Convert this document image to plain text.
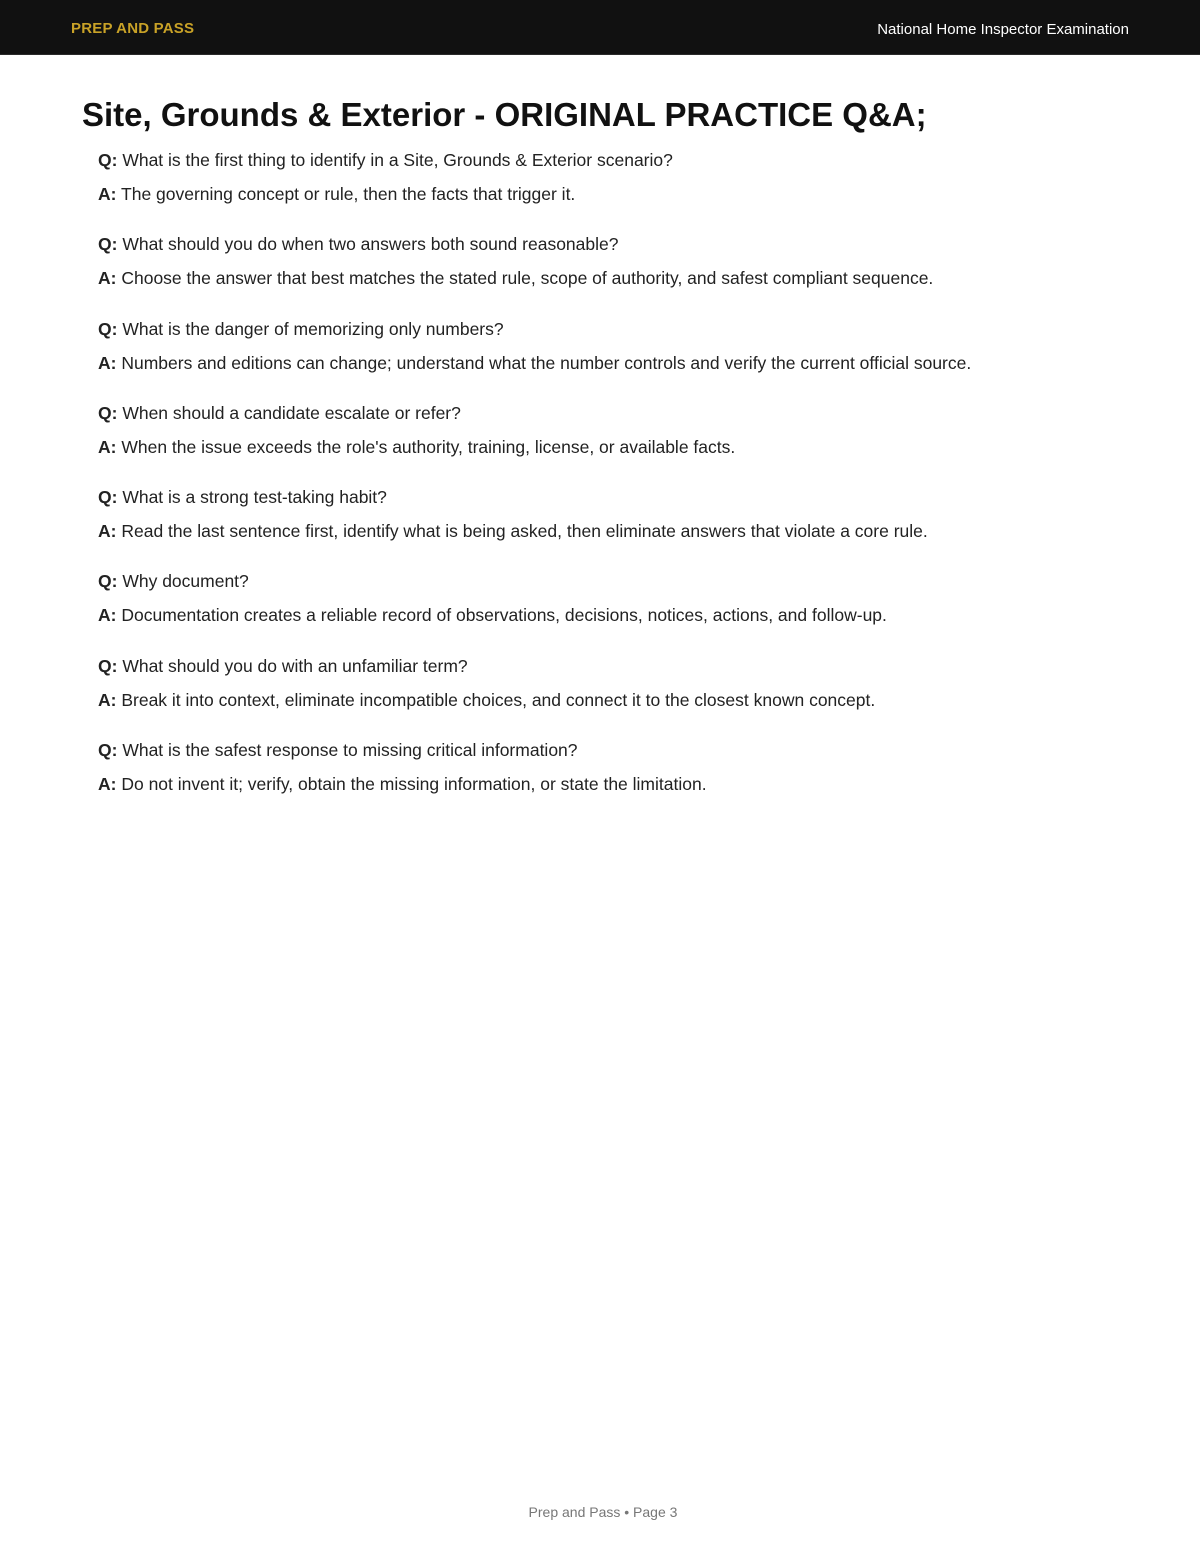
PREP AND PASS	National Home Inspector Examination
Site, Grounds & Exterior - ORIGINAL PRACTICE Q&A;
Q: What is the first thing to identify in a Site, Grounds & Exterior scenario?
A: The governing concept or rule, then the facts that trigger it.
Q: What should you do when two answers both sound reasonable?
A: Choose the answer that best matches the stated rule, scope of authority, and safest compliant sequence.
Q: What is the danger of memorizing only numbers?
A: Numbers and editions can change; understand what the number controls and verify the current official source.
Q: When should a candidate escalate or refer?
A: When the issue exceeds the role's authority, training, license, or available facts.
Q: What is a strong test-taking habit?
A: Read the last sentence first, identify what is being asked, then eliminate answers that violate a core rule.
Q: Why document?
A: Documentation creates a reliable record of observations, decisions, notices, actions, and follow-up.
Q: What should you do with an unfamiliar term?
A: Break it into context, eliminate incompatible choices, and connect it to the closest known concept.
Q: What is the safest response to missing critical information?
A: Do not invent it; verify, obtain the missing information, or state the limitation.
Prep and Pass • Page 3
